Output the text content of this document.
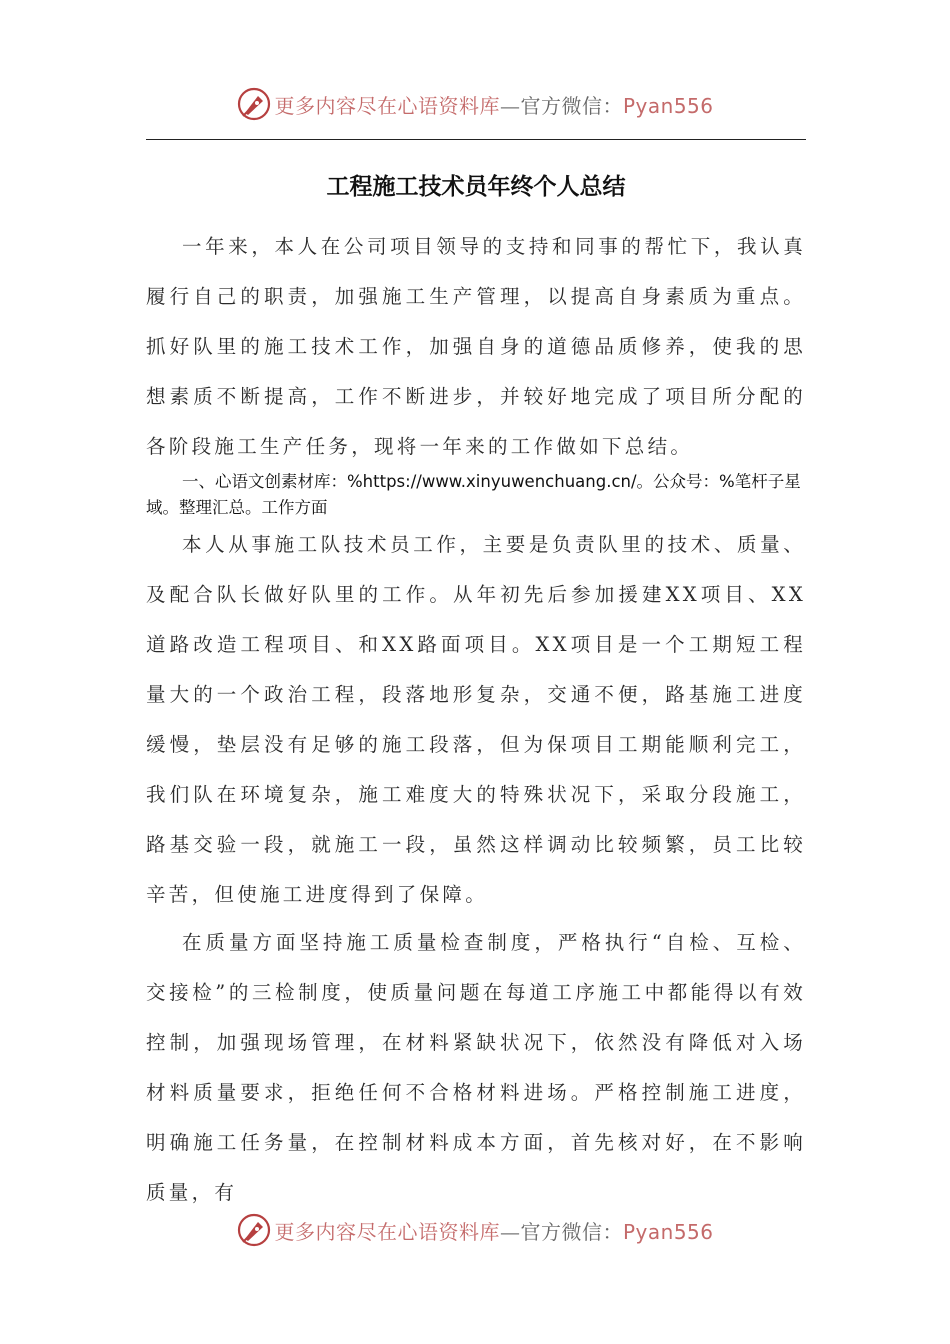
更多内容尽在心语资料库—官方微信：Pyan556
工程施工技术员年终个人总结

一年来，本人在公司项目领导的支持和同事的帮忙下，我认真履行自己的职责，加强施工生产管理，以提高自身素质为重点。抓好队里的施工技术工作，加强自身的道德品质修养，使我的思想素质不断提高，工作不断进步，并较好地完成了项目所分配的各阶段施工生产任务，现将一年来的工作做如下总结。

一、心语文创素材库：%https://www.xinyuwenchuang.cn/。公众号：%笔杆子星域。整理汇总。工作方面

本人从事施工队技术员工作，主要是负责队里的技术、质量、及配合队长做好队里的工作。从年初先后参加援建XX项目、XX道路改造工程项目、和XX路面项目。XX项目是一个工期短工程量大的一个政治工程，段落地形复杂，交通不便，路基施工进度缓慢，垫层没有足够的施工段落，但为保项目工期能顺利完工，我们队在环境复杂，施工难度大的特殊状况下，采取分段施工，路基交验一段，就施工一段，虽然这样调动比较频繁，员工比较辛苦，但使施工进度得到了保障。

在质量方面坚持施工质量检查制度，严格执行“自检、互检、交接检”的三检制度，使质量问题在每道工序施工中都能得以有效控制，加强现场管理，在材料紧缺状况下，依然没有降低对入场材料质量要求，拒绝任何不合格材料进场。严格控制施工进度，明确施工任务量，在控制材料成本方面，首先核对好，在不影响质量，有

更多内容尽在心语资料库—官方微信：Pyan556
